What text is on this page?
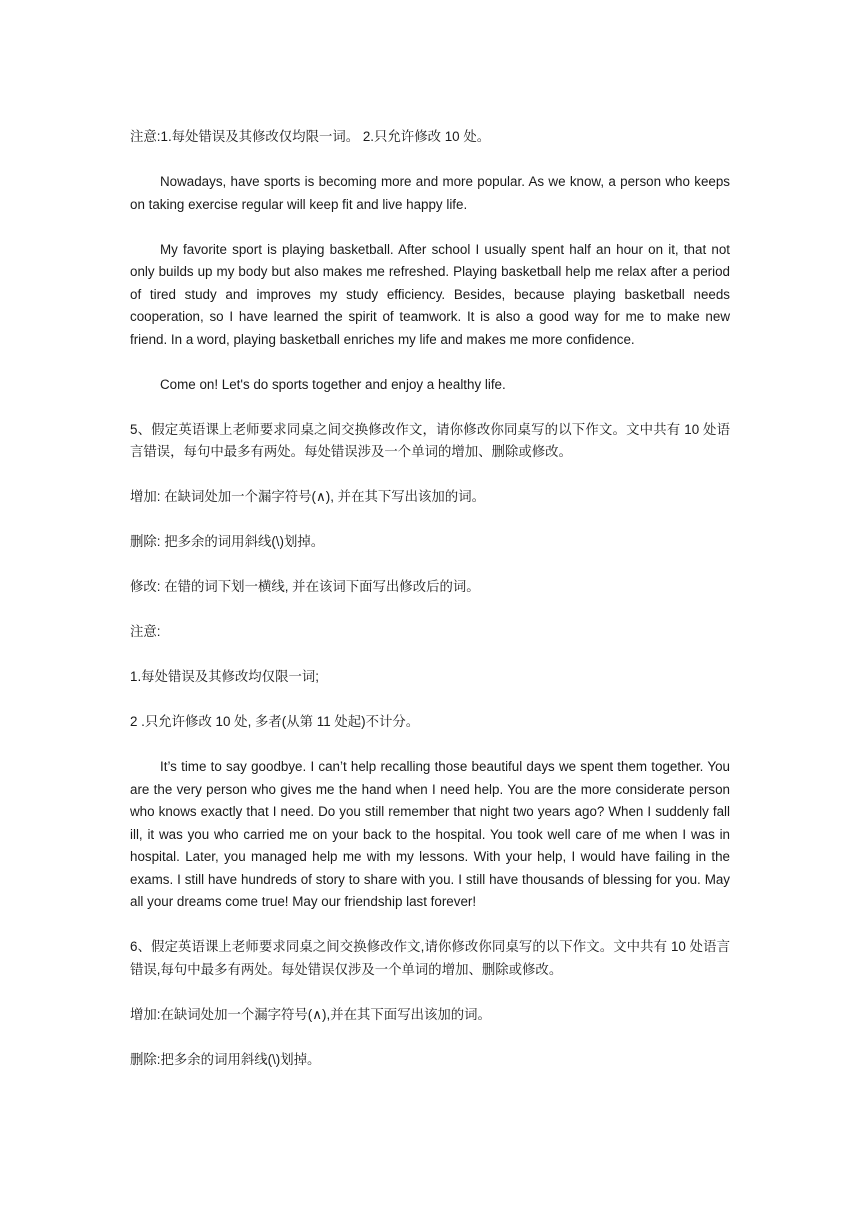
注意:1.每处错误及其修改仅均限一词。 2.只允许修改 10 处。

Nowadays, have sports is becoming more and more popular. As we know, a person who keeps on taking exercise regular will keep fit and live happy life.

My favorite sport is playing basketball. After school I usually spent half an hour on it, that not only builds up my body but also makes me refreshed. Playing basketball help me relax after a period of tired study and improves my study efficiency. Besides, because playing basketball needs cooperation, so I have learned the spirit of teamwork. It is also a good way for me to make new friend. In a word, playing basketball enriches my life and makes me more confidence.

Come on! Let's do sports together and enjoy a healthy life.

5、假定英语课上老师要求同桌之间交换修改作文，请你修改你同桌写的以下作文。文中共有 10 处语言错误，每句中最多有两处。每处错误涉及一个单词的增加、删除或修改。

增加: 在缺词处加一个漏字符号(∧), 并在其下写出该加的词。

删除: 把多余的词用斜线(\)划掉。

修改: 在错的词下划一横线, 并在该词下面写出修改后的词。

注意:

1.每处错误及其修改均仅限一词;

2 .只允许修改 10 处, 多者(从第 11 处起)不计分。

It’s time to say goodbye. I can’t help recalling those beautiful days we spent them together. You are the very person who gives me the hand when I need help. You are the more considerate person who knows exactly that I need. Do you still remember that night two years ago? When I suddenly fall ill, it was you who carried me on your back to the hospital. You took well care of me when I was in hospital. Later, you managed help me with my lessons. With your help, I would have failing in the exams. I still have hundreds of story to share with you. I still have thousands of blessing for you. May all your dreams come true! May our friendship last forever!

6、假定英语课上老师要求同桌之间交换修改作文,请你修改你同桌写的以下作文。文中共有 10 处语言错误,每句中最多有两处。每处错误仅涉及一个单词的增加、删除或修改。

增加:在缺词处加一个漏字符号(∧),并在其下面写出该加的词。

删除:把多余的词用斜线(\)划掉。
